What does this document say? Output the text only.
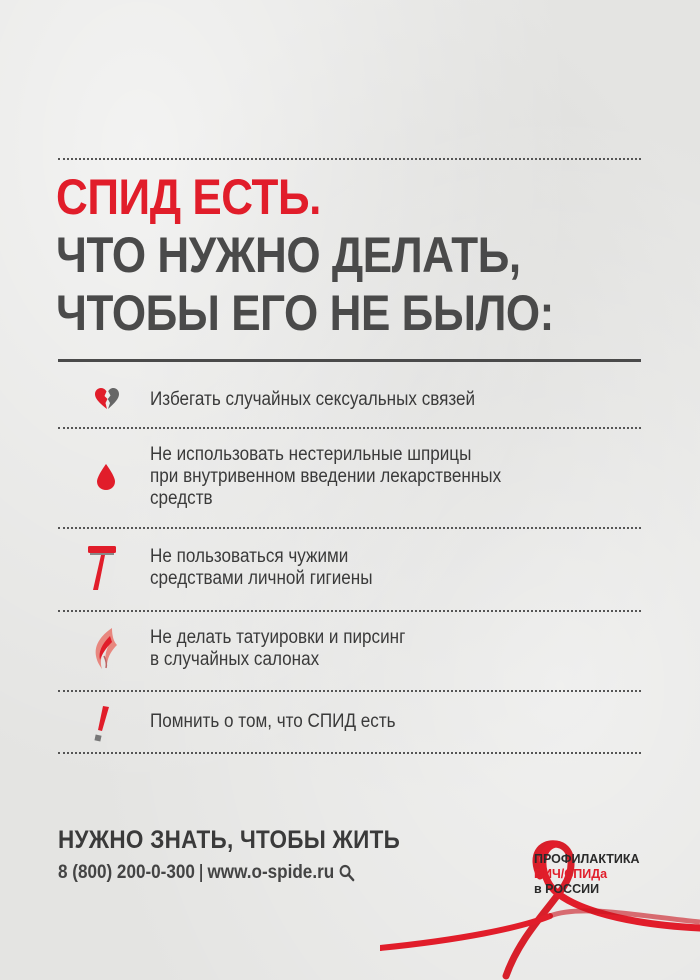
СПИД ЕСТЬ.
ЧТО НУЖНО ДЕЛАТЬ,
ЧТОБЫ ЕГО НЕ БЫЛО:
Избегать случайных сексуальных связей
Не использовать нестерильные шприцы
при внутривенном введении лекарственных
средств
Не пользоваться чужими
средствами личной гигиены
Не делать татуировки и пирсинг
в случайных салонах
Помнить о том, что СПИД есть
НУЖНО ЗНАТЬ, ЧТОБЫ ЖИТЬ
8 (800) 200-0-300 www.o-spide.ru
ПРОФИЛАКТИКА
ВИЧ/СПИДа
в РОССИИ
